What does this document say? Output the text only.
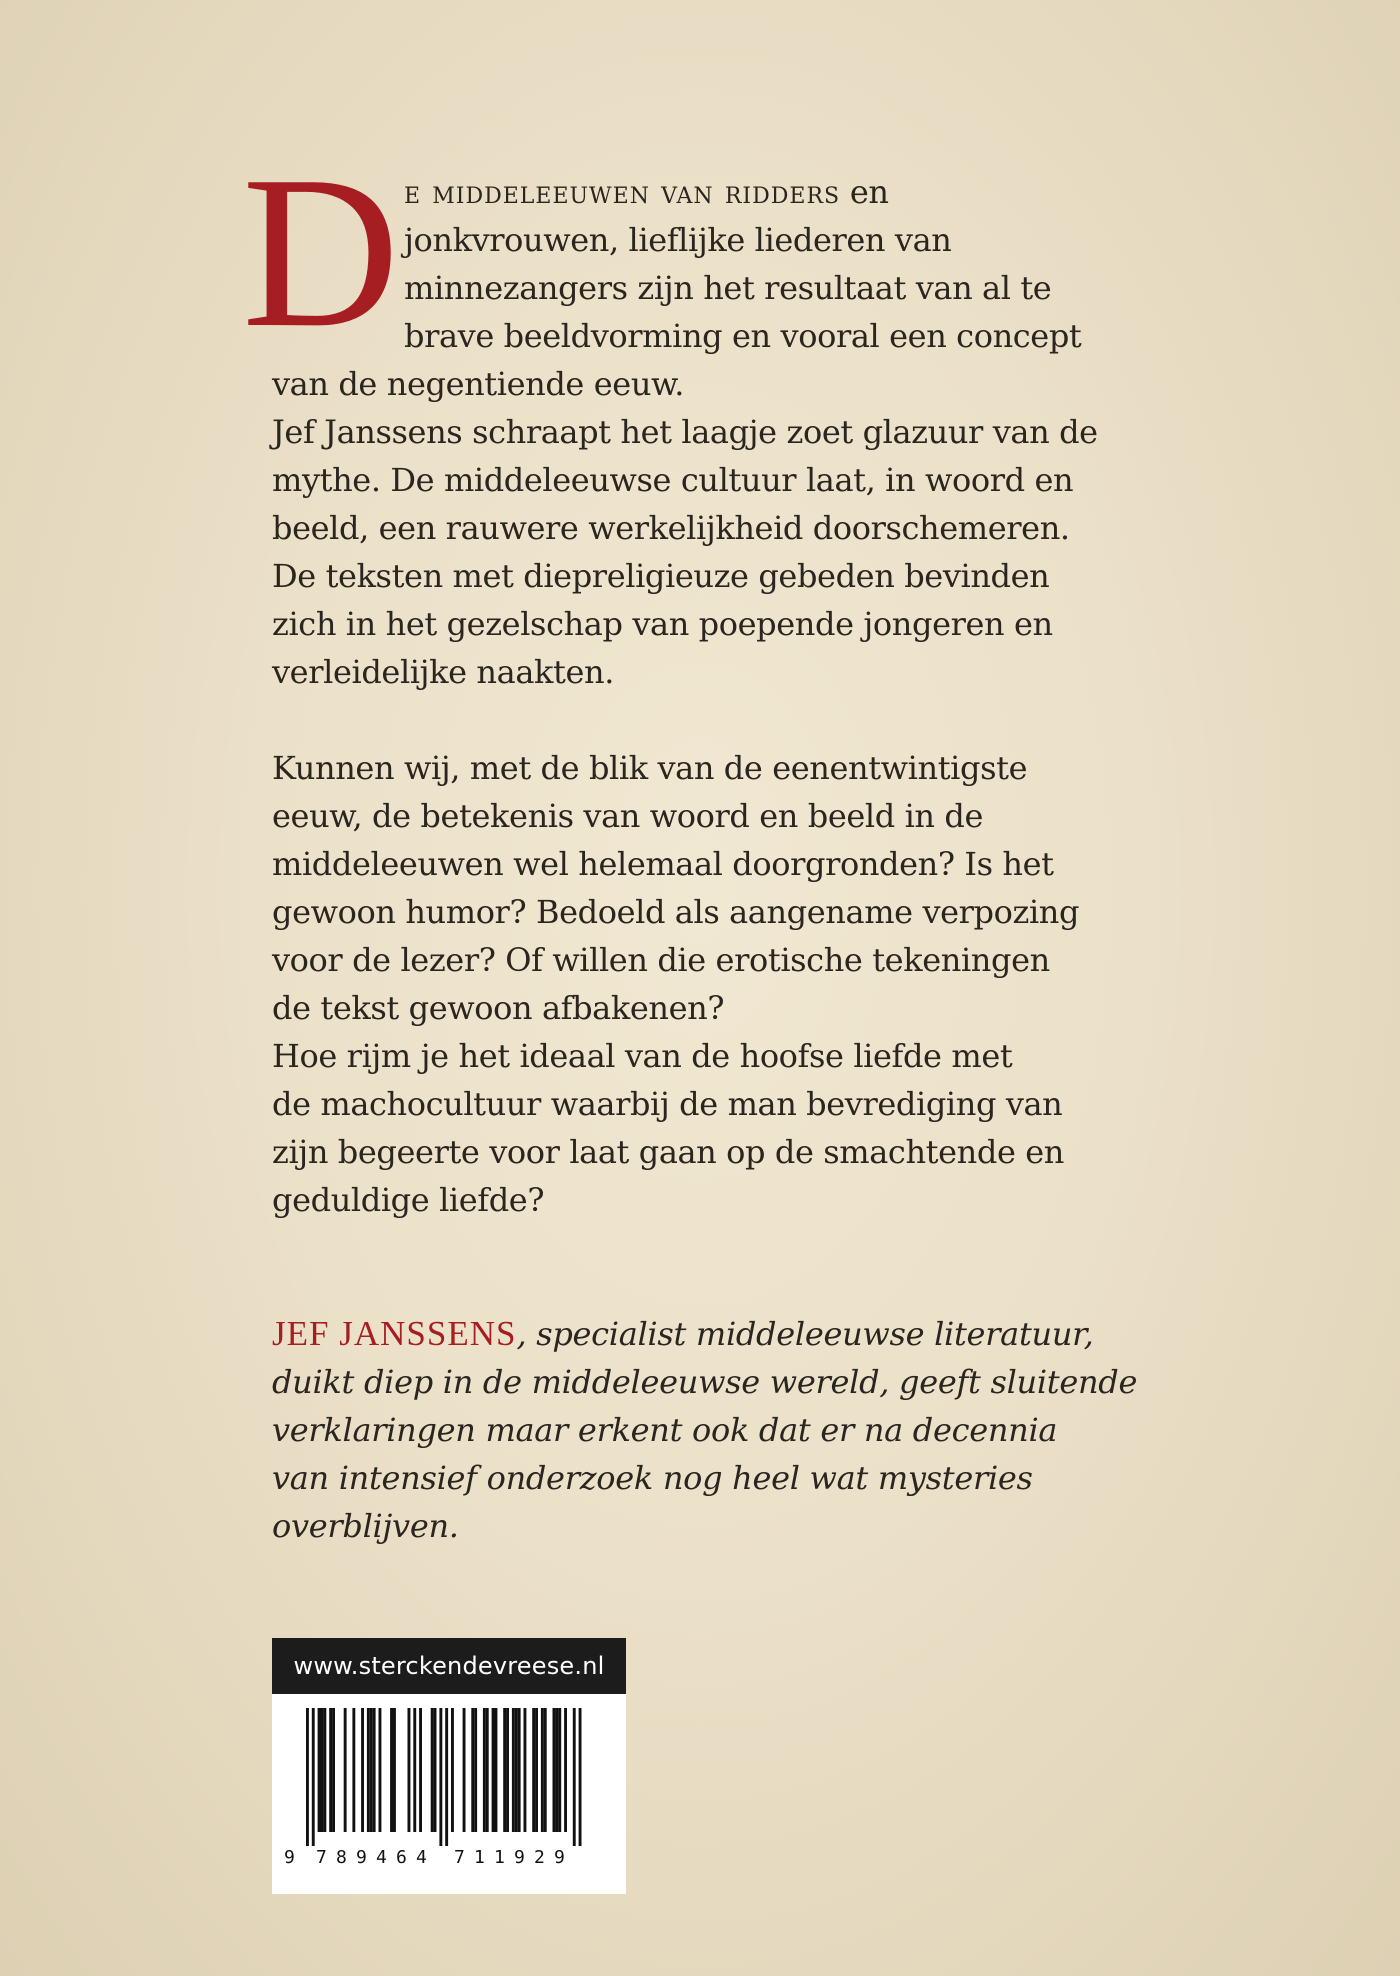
D e middeleeuwen van ridders en
jonkvrouwen, lieflijke liederen van
minnezangers zijn het resultaat van al te
brave beeldvorming en vooral een concept
van de negentiende eeuw.
Jef Janssens schraapt het laagje zoet glazuur van de
mythe. De middeleeuwse cultuur laat, in woord en
beeld, een rauwere werkelijkheid doorschemeren.
De teksten met diepreligieuze gebeden bevinden
zich in het gezelschap van poepende jongeren en
verleidelijke naakten.
Kunnen wij, met de blik van de eenentwintigste
eeuw, de betekenis van woord en beeld in de
middeleeuwen wel helemaal doorgronden? Is het
gewoon humor? Bedoeld als aangename verpozing
voor de lezer? Of willen die erotische tekeningen
de tekst gewoon afbakenen?
Hoe rijm je het ideaal van de hoofse liefde met
de machocultuur waarbij de man bevrediging van
zijn begeerte voor laat gaan op de smachtende en
geduldige liefde?
JEF JANSSENS, specialist middeleeuwse literatuur,
duikt diep in de middeleeuwse wereld, geeft sluitende
verklaringen maar erkent ook dat er na decennia
van intensief onderzoek nog heel wat mysteries
overblijven.
www.sterckendevreese.nl
9 7 8 9 4 6 4 7 1 1 9 2 9
